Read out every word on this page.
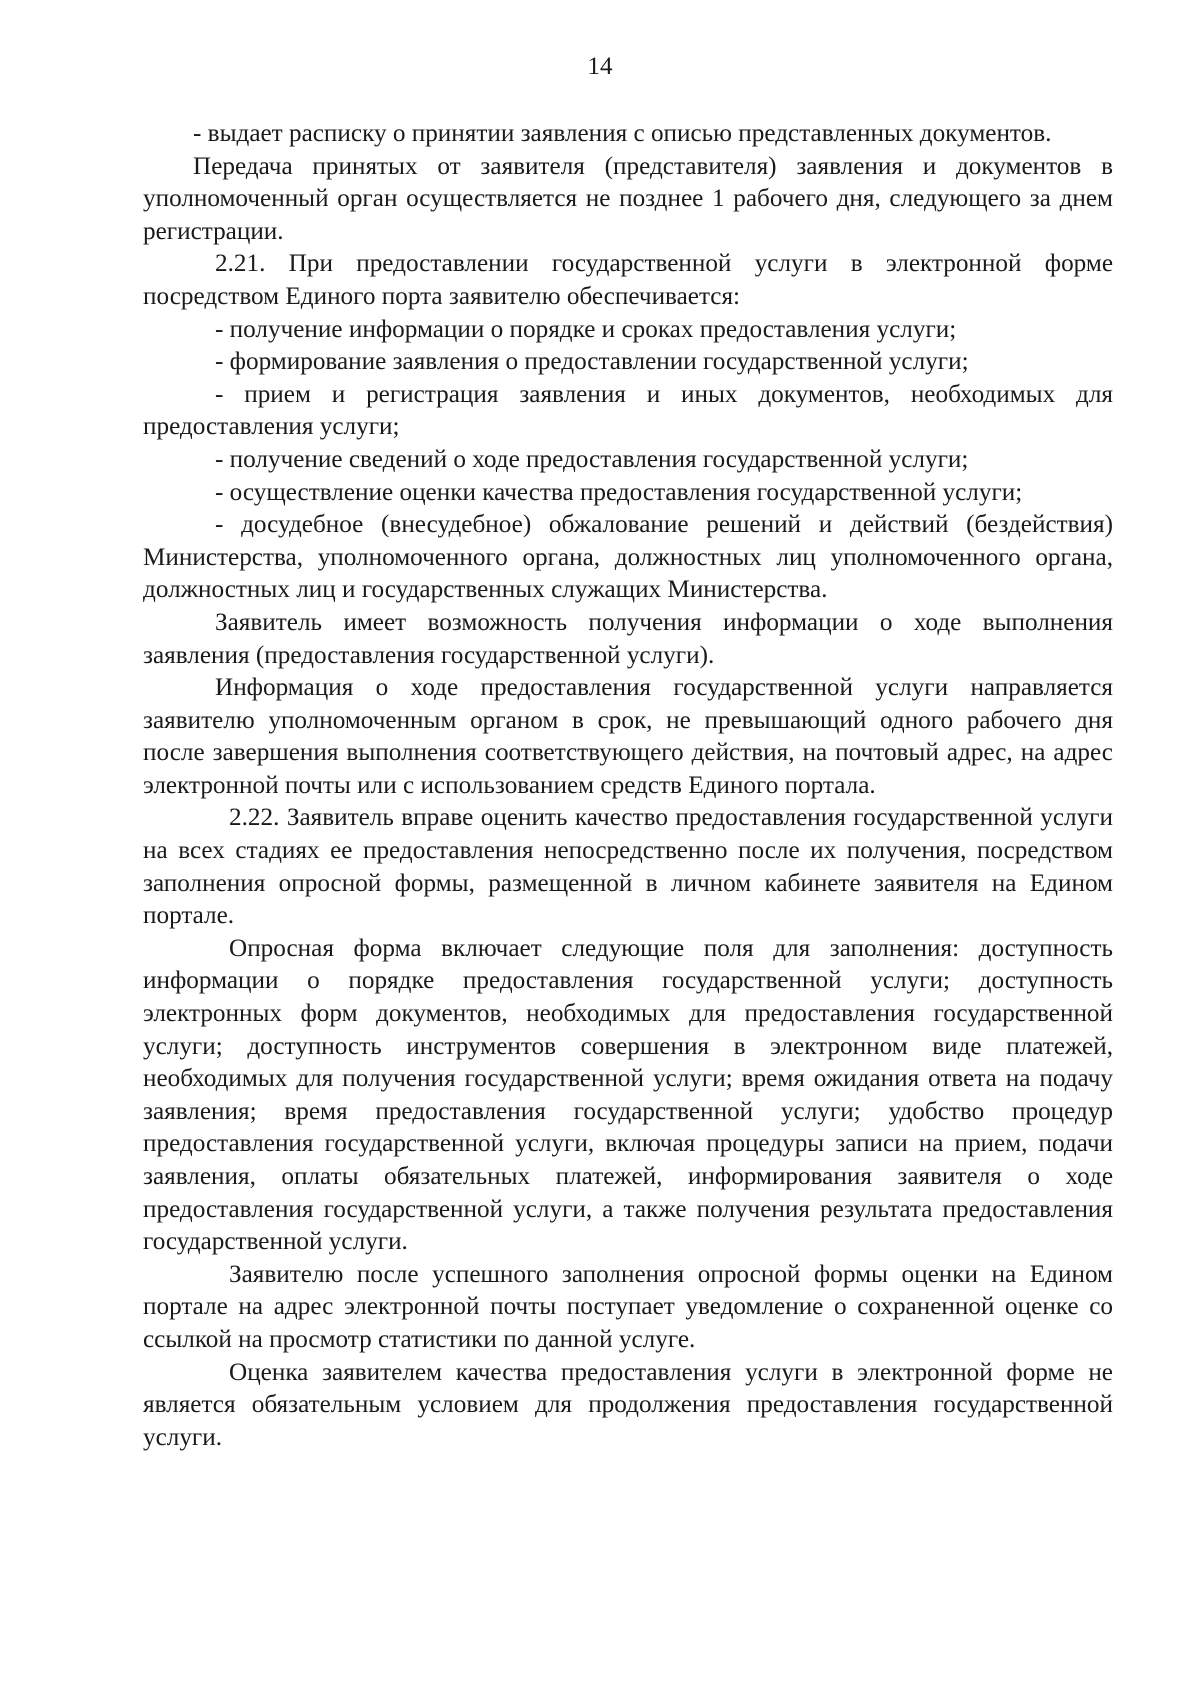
14

- выдает расписку о принятии заявления с описью представленных документов.

Передача принятых от заявителя (представителя) заявления и документов в уполномоченный орган осуществляется не позднее 1 рабочего дня, следующего за днем регистрации.

2.21. При предоставлении государственной услуги в электронной форме посредством Единого порта заявителю обеспечивается:

- получение информации о порядке и сроках предоставления услуги;

- формирование заявления о предоставлении государственной услуги;

- прием и регистрация заявления и иных документов, необходимых для предоставления услуги;

- получение сведений о ходе предоставления государственной услуги;

- осуществление оценки качества предоставления государственной услуги;

- досудебное (внесудебное) обжалование решений и действий (бездействия) Министерства, уполномоченного органа, должностных лиц уполномоченного органа, должностных лиц и государственных служащих Министерства.

Заявитель имеет возможность получения информации о ходе выполнения заявления (предоставления государственной услуги).

Информация о ходе предоставления государственной услуги направляется заявителю уполномоченным органом в срок, не превышающий одного рабочего дня после завершения выполнения соответствующего действия, на почтовый адрес, на адрес электронной почты или с использованием средств Единого портала.

2.22. Заявитель вправе оценить качество предоставления государственной услуги на всех стадиях ее предоставления непосредственно после их получения, посредством заполнения опросной формы, размещенной в личном кабинете заявителя на Едином портале.

Опросная форма включает следующие поля для заполнения: доступность информации о порядке предоставления государственной услуги; доступность электронных форм документов, необходимых для предоставления государственной услуги; доступность инструментов совершения в электронном виде платежей, необходимых для получения государственной услуги; время ожидания ответа на подачу заявления; время предоставления государственной услуги; удобство процедур предоставления государственной услуги, включая процедуры записи на прием, подачи заявления, оплаты обязательных платежей, информирования заявителя о ходе предоставления государственной услуги, а также получения результата предоставления государственной услуги.

Заявителю после успешного заполнения опросной формы оценки на Едином портале на адрес электронной почты поступает уведомление о сохраненной оценке со ссылкой на просмотр статистики по данной услуге.

Оценка заявителем качества предоставления услуги в электронной форме не является обязательным условием для продолжения предоставления государственной услуги.
